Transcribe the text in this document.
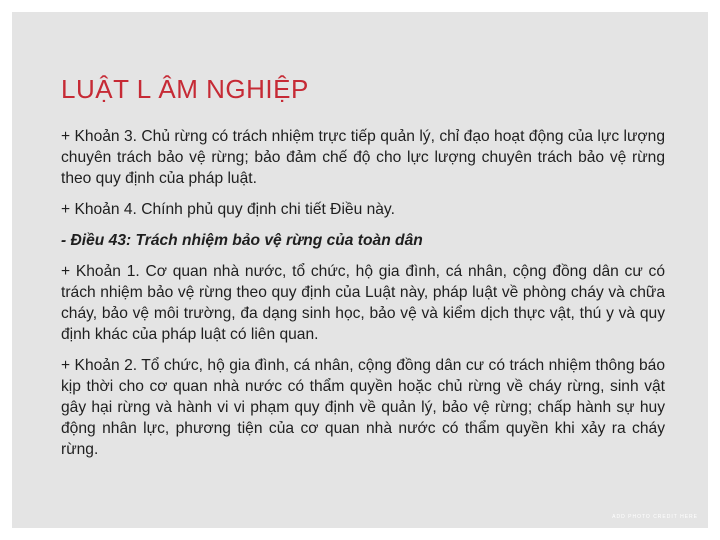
LUẬT L ÂM NGHIỆP

+ Khoản 3. Chủ rừng có trách nhiệm trực tiếp quản lý, chỉ đạo hoạt động của lực lượng chuyên trách bảo vệ rừng; bảo đảm chế độ cho lực lượng chuyên trách bảo vệ rừng theo quy định của pháp luật.

+ Khoản 4. Chính phủ quy định chi tiết Điều này.

- Điều 43: Trách nhiệm bảo vệ rừng của toàn dân

+ Khoản 1. Cơ quan nhà nước, tổ chức, hộ gia đình, cá nhân, cộng đồng dân cư có trách nhiệm bảo vệ rừng theo quy định của Luật này, pháp luật về phòng cháy và chữa cháy, bảo vệ môi trường, đa dạng sinh học, bảo vệ và kiểm dịch thực vật, thú y và quy định khác của pháp luật có liên quan.

+ Khoản 2. Tổ chức, hộ gia đình, cá nhân, cộng đồng dân cư có trách nhiệm thông báo kịp thời cho cơ quan nhà nước có thẩm quyền hoặc chủ rừng về cháy rừng, sinh vật gây hại rừng và hành vi vi phạm quy định về quản lý, bảo vệ rừng; chấp hành sự huy động nhân lực, phương tiện của cơ quan nhà nước có thẩm quyền khi xảy ra cháy rừng.

ADD PHOTO CREDIT HERE
